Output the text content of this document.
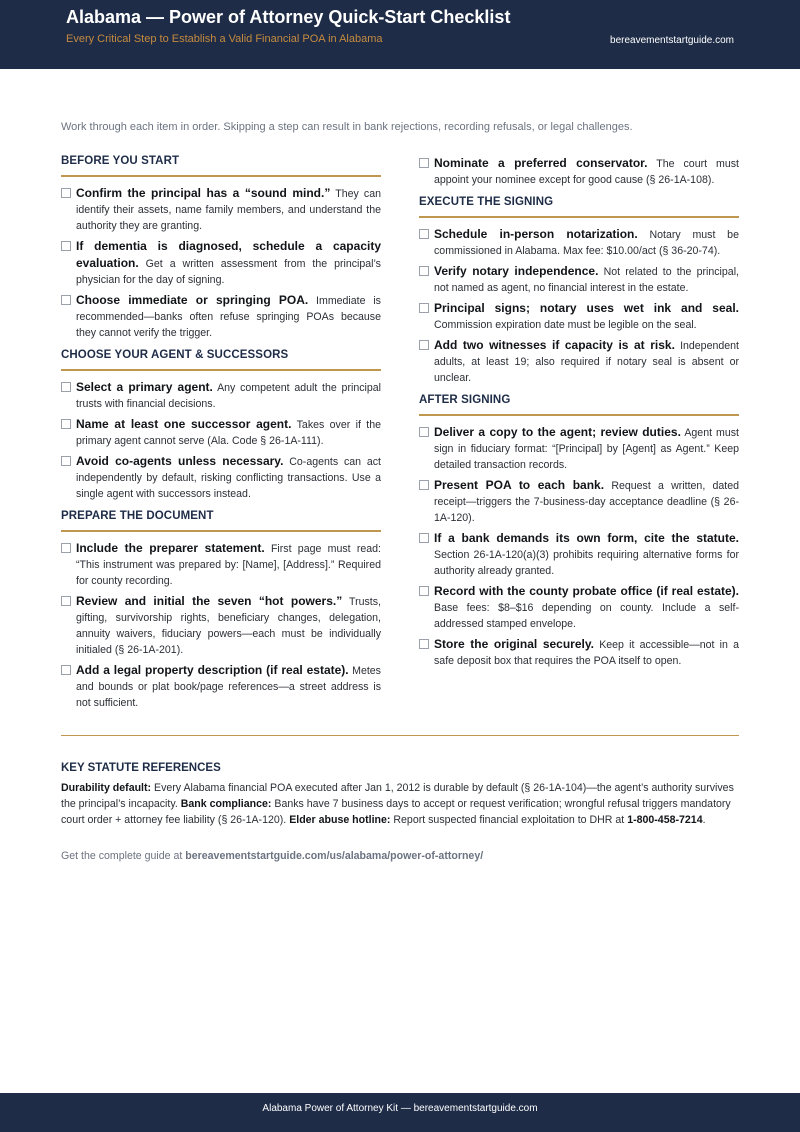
Alabama — Power of Attorney Quick-Start Checklist
Every Critical Step to Establish a Valid Financial POA in Alabama	bereavementstartguide.com
Work through each item in order. Skipping a step can result in bank rejections, recording refusals, or legal challenges.
BEFORE YOU START
Confirm the principal has a “sound mind.” They can identify their assets, name family members, and understand the authority they are granting.
If dementia is diagnosed, schedule a capacity evaluation. Get a written assessment from the principal’s physician for the day of signing.
Choose immediate or springing POA. Immediate is recommended—banks often refuse springing POAs because they cannot verify the trigger.
CHOOSE YOUR AGENT & SUCCESSORS
Select a primary agent. Any competent adult the principal trusts with financial decisions.
Name at least one successor agent. Takes over if the primary agent cannot serve (Ala. Code § 26-1A-111).
Avoid co-agents unless necessary. Co-agents can act independently by default, risking conflicting transactions. Use a single agent with successors instead.
PREPARE THE DOCUMENT
Include the preparer statement. First page must read: “This instrument was prepared by: [Name], [Address].” Required for county recording.
Review and initial the seven “hot powers.” Trusts, gifting, survivorship rights, beneficiary changes, delegation, annuity waivers, fiduciary powers—each must be individually initialed (§ 26-1A-201).
Add a legal property description (if real estate). Metes and bounds or plat book/page references—a street address is not sufficient.
Nominate a preferred conservator. The court must appoint your nominee except for good cause (§ 26-1A-108).
EXECUTE THE SIGNING
Schedule in-person notarization. Notary must be commissioned in Alabama. Max fee: $10.00/act (§ 36-20-74).
Verify notary independence. Not related to the principal, not named as agent, no financial interest in the estate.
Principal signs; notary uses wet ink and seal. Commission expiration date must be legible on the seal.
Add two witnesses if capacity is at risk. Independent adults, at least 19; also required if notary seal is absent or unclear.
AFTER SIGNING
Deliver a copy to the agent; review duties. Agent must sign in fiduciary format: “[Principal] by [Agent] as Agent.” Keep detailed transaction records.
Present POA to each bank. Request a written, dated receipt—triggers the 7-business-day acceptance deadline (§ 26-1A-120).
If a bank demands its own form, cite the statute. Section 26-1A-120(a)(3) prohibits requiring alternative forms for authority already granted.
Record with the county probate office (if real estate). Base fees: $8–$16 depending on county. Include a self-addressed stamped envelope.
Store the original securely. Keep it accessible—not in a safe deposit box that requires the POA itself to open.
KEY STATUTE REFERENCES
Durability default: Every Alabama financial POA executed after Jan 1, 2012 is durable by default (§ 26-1A-104)—the agent’s authority survives the principal’s incapacity. Bank compliance: Banks have 7 business days to accept or request verification; wrongful refusal triggers mandatory court order + attorney fee liability (§ 26-1A-120). Elder abuse hotline: Report suspected financial exploitation to DHR at 1-800-458-7214.
Get the complete guide at bereavementstartguide.com/us/alabama/power-of-attorney/
Alabama Power of Attorney Kit — bereavementstartguide.com
